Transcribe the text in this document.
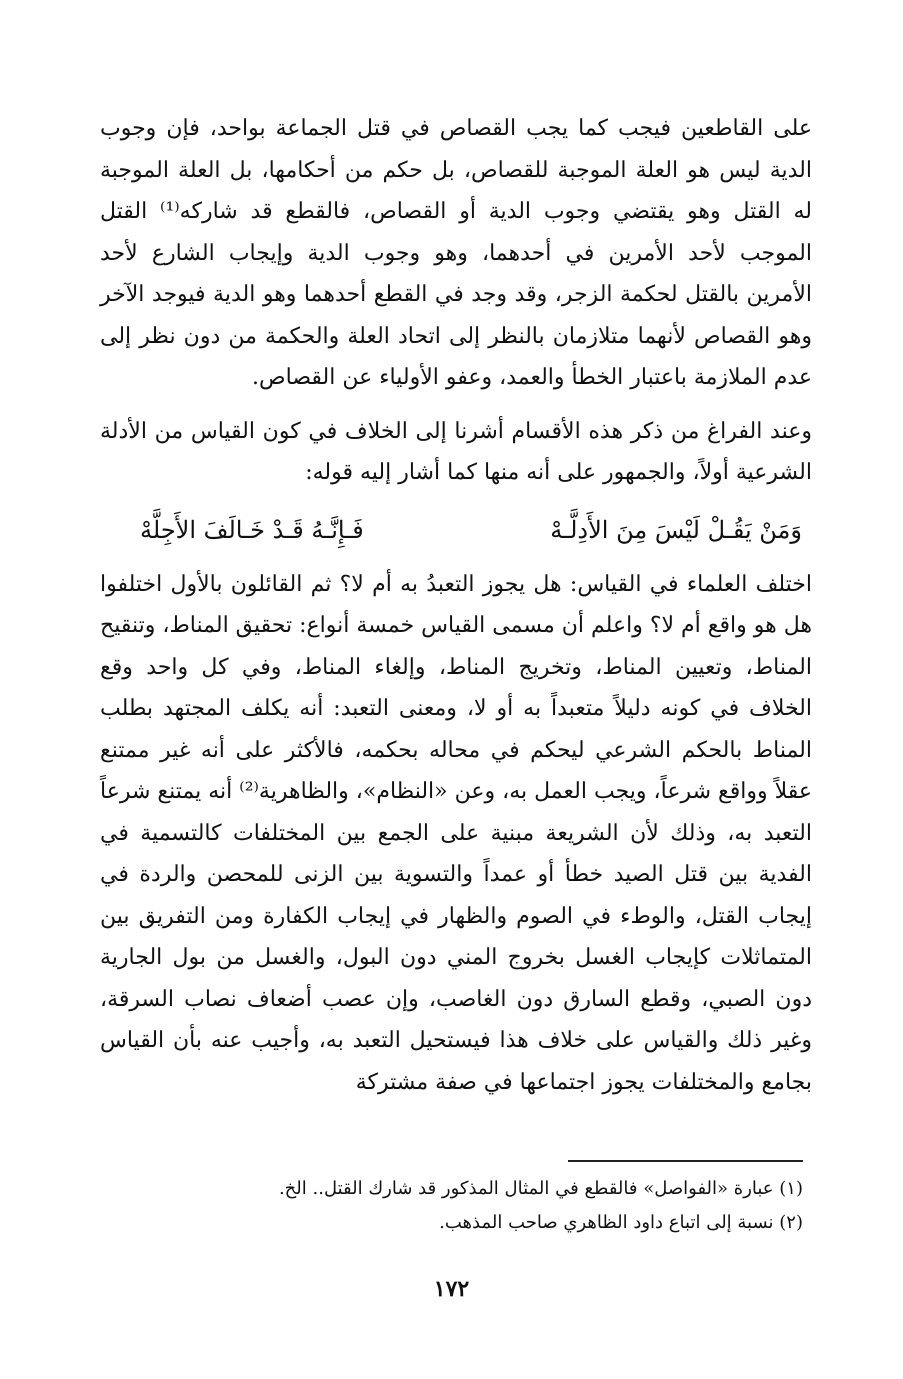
على القاطعين فيجب كما يجب القصاص في قتل الجماعة بواحد، فإن وجوب الدية ليس هو العلة الموجبة للقصاص، بل حكم من أحكامها، بل العلة الموجبة له القتل وهو يقتضي وجوب الدية أو القصاص، فالقطع قد شاركه⁽¹⁾ القتل الموجب لأحد الأمرين في أحدهما، وهو وجوب الدية وإيجاب الشارع لأحد الأمرين بالقتل لحكمة الزجر، وقد وجد في القطع أحدهما وهو الدية فيوجد الآخر وهو القصاص لأنهما متلازمان بالنظر إلى اتحاد العلة والحكمة من دون نظر إلى عدم الملازمة باعتبار الخطأ والعمد، وعفو الأولياء عن القصاص.

وعند الفراغ من ذكر هذه الأقسام أشرنا إلى الخلاف في كون القياس من الأدلة الشرعية أولاً، والجمهور على أنه منها كما أشار إليه قوله:

وَمَنْ يَقُـلْ لَيْسَ مِنَ الأَدِلَّـهْ
فَـإِنَّـهُ قَـدْ خَـالَفَ الأَجِلَّهْ

اختلف العلماء في القياس: هل يجوز التعبدُ به أم لا؟ ثم القائلون بالأول اختلفوا هل هو واقع أم لا؟ واعلم أن مسمى القياس خمسة أنواع: تحقيق المناط، وتنقيح المناط، وتعيين المناط، وتخريج المناط، وإلغاء المناط، وفي كل واحد وقع الخلاف في كونه دليلاً متعبداً به أو لا، ومعنى التعبد: أنه يكلف المجتهد بطلب المناط بالحكم الشرعي ليحكم في محاله بحكمه، فالأكثر على أنه غير ممتنع عقلاً وواقع شرعاً، ويجب العمل به، وعن «النظام»، والظاهرية⁽²⁾ أنه يمتنع شرعاً التعبد به، وذلك لأن الشريعة مبنية على الجمع بين المختلفات كالتسمية في الفدية بين قتل الصيد خطأ أو عمداً والتسوية بين الزنى للمحصن والردة في إيجاب القتل، والوطء في الصوم والظهار في إيجاب الكفارة ومن التفريق بين المتماثلات كإيجاب الغسل بخروج المني دون البول، والغسل من بول الجارية دون الصبي، وقطع السارق دون الغاصب، وإن عصب أضعاف نصاب السرقة، وغير ذلك والقياس على خلاف هذا فيستحيل التعبد به، وأجيب عنه بأن القياس بجامع والمختلفات يجوز اجتماعها في صفة مشتركة

(١) عبارة «الفواصل» فالقطع في المثال المذكور قد شارك القتل.. الخ.

(٢) نسبة إلى اتباع داود الظاهري صاحب المذهب.

١٧٢
